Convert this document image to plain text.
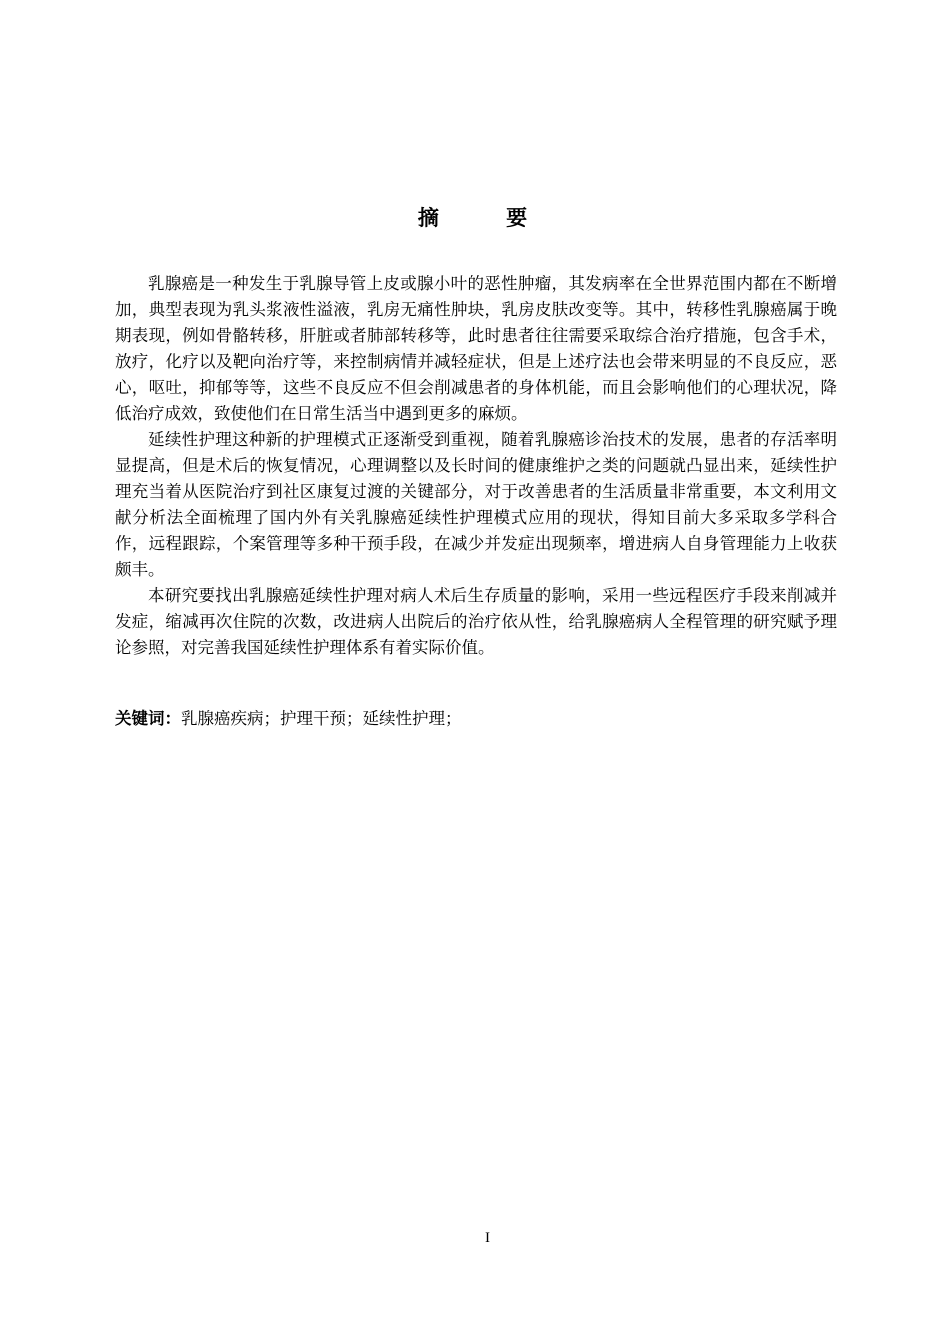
摘 要

乳腺癌是一种发生于乳腺导管上皮或腺小叶的恶性肿瘤，其发病率在全世界范围内都在不断增加，典型表现为乳头浆液性溢液，乳房无痛性肿块，乳房皮肤改变等。其中，转移性乳腺癌属于晚期表现，例如骨骼转移，肝脏或者肺部转移等，此时患者往往需要采取综合治疗措施，包含手术，放疗，化疗以及靶向治疗等，来控制病情并减轻症状，但是上述疗法也会带来明显的不良反应，恶心，呕吐，抑郁等等，这些不良反应不但会削减患者的身体机能，而且会影响他们的心理状况，降低治疗成效，致使他们在日常生活当中遇到更多的麻烦。

延续性护理这种新的护理模式正逐渐受到重视，随着乳腺癌诊治技术的发展，患者的存活率明显提高，但是术后的恢复情况，心理调整以及长时间的健康维护之类的问题就凸显出来，延续性护理充当着从医院治疗到社区康复过渡的关键部分，对于改善患者的生活质量非常重要，本文利用文献分析法全面梳理了国内外有关乳腺癌延续性护理模式应用的现状，得知目前大多采取多学科合作，远程跟踪，个案管理等多种干预手段，在减少并发症出现频率，增进病人自身管理能力上收获颇丰。

本研究要找出乳腺癌延续性护理对病人术后生存质量的影响，采用一些远程医疗手段来削减并发症，缩减再次住院的次数，改进病人出院后的治疗依从性，给乳腺癌病人全程管理的研究赋予理论参照，对完善我国延续性护理体系有着实际价值。

关键词：乳腺癌疾病；护理干预；延续性护理；
I
